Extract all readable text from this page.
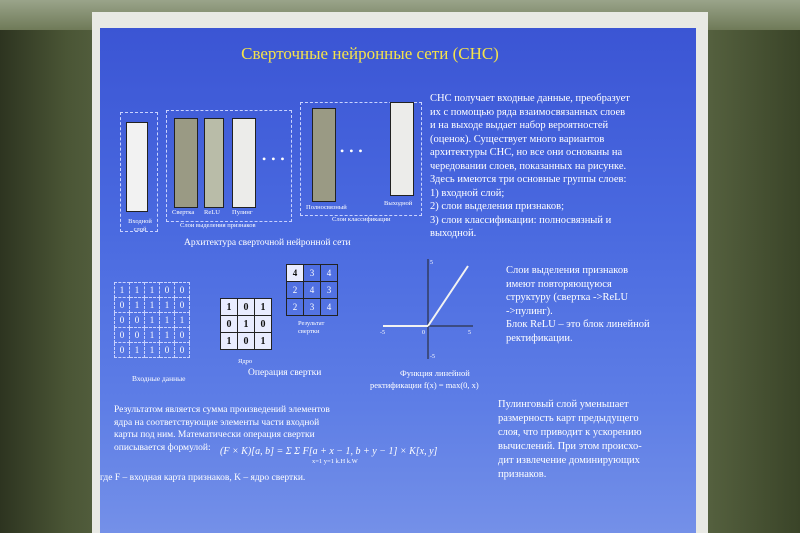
Сверточные нейронные сети (СНС)
СНС получает входные данные, преобразует
их с помощью ряда взаимосвязанных слоев
и на выходе выдает набор вероятностей
(оценок). Существует много вариантов
архитектуры СНС, но все они основаны на
чередовании слоев, показанных на рисунке.
Здесь имеются три основные группы слоев:
1) входной слой;
2) слои выделения признаков;
3) слои классификации: полносвязный и
выходной.
Входной слой
• • •
Свертка ReLU Пулинг
Слои выделения признаков
• • •
Полносвязный
Выходной
Слои классификации
Архитектура сверточной нейронной сети
1	1	1	0	0
0	1	1	1	0
0	0	1	1	1
0	0	1	1	0
0	1	1	0	0
Входные данные
1	0	1
0	1	0
1	0	1
Ядро
4	3	4
2	4	3
2	3	4
Результат свертки
Операция свертки
5
5
-5
-5
0
Функция линейной
ректификации f(x) = max(0, x)
Слои выделения признаков
имеют повторяющуюся
структуру (свертка ->ReLU
->пулинг).
Блок ReLU – это блок линейной
ректификации.
Результатом является сумма произведений элементов
ядра на соответствующие элементы части входной
карты под ним. Математически операция свертки
описывается формулой: (F × K)[a, b] = Σ Σ F[a + x − 1, b + y − 1] × K[x, y]
x=1 y=1 k.H k.W
где F – входная карта признаков, K – ядро свертки.
Пулинговый слой уменьшает
размерность карт предыдущего
слоя, что приводит к ускорению
вычислений. При этом происхо-
дит извлечение доминирующих
признаков.
